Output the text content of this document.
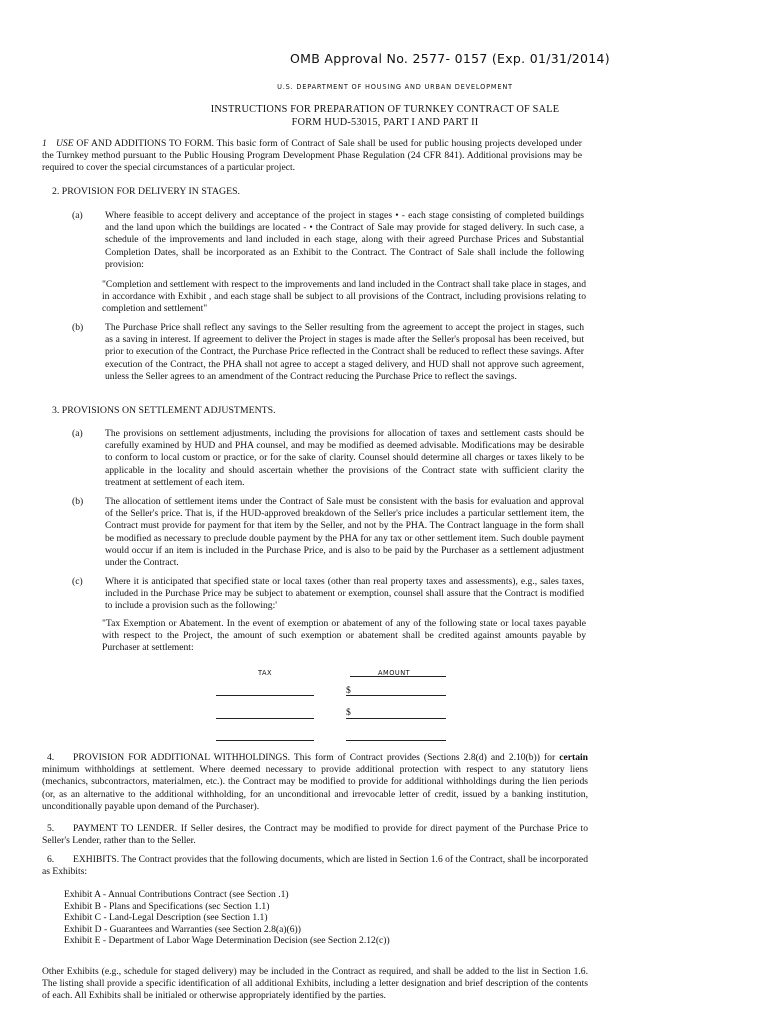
OMB Approval No. 2577- 0157 (Exp. 01/31/2014)
U.S. DEPARTMENT OF HOUSING AND URBAN DEVELOPMENT
INSTRUCTIONS FOR PREPARATION OF TURNKEY CONTRACT OF SALE
FORM HUD-53015, PART I AND PART II
1 USE OF AND ADDITIONS TO FORM. This basic form of Contract of Sale shall be used for public housing projects developed under the Turnkey method pursuant to the Public Housing Program Development Phase Regulation (24 CFR 841). Additional provisions may be required to cover the special circumstances of a particular project.
2. PROVISION FOR DELIVERY IN STAGES.
(a)	Where feasible to accept delivery and acceptance of the project in stages • - each stage consisting of completed buildings and the land upon which the buildings are located - • the Contract of Sale may provide for staged delivery. In such case, a schedule of the improvements and land included in each stage, along with their agreed Purchase Prices and Substantial Completion Dates, shall be incorporated as an Exhibit to the Contract. The Contract of Sale shall include the following provision:
"Completion and settlement with respect to the improvements and land included in the Contract shall take place in stages, and in accordance with Exhibit , and each stage shall be subject to all provisions of the Contract, including provisions relating to completion and settlement"
(b)	The Purchase Price shall reflect any savings to the Seller resulting from the agreement to accept the project in stages, such as a saving in interest. If agreement to deliver the Project in stages is made after the Seller's proposal has been received, but prior to execution of the Contract, the Purchase Price reflected in the Contract shall be reduced to reflect these savings. After execution of the Contract, the PHA shall not agree to accept a staged delivery, and HUD shall not approve such agreement, unless the Seller agrees to an amendment of the Contract reducing the Purchase Price to reflect the savings.
3. PROVISIONS ON SETTLEMENT ADJUSTMENTS.
(a)	The provisions on settlement adjustments, including the provisions for allocation of taxes and settlement casts should be carefully examined by HUD and PHA counsel, and may be modified as deemed advisable. Modifications may be desirable to conform to local custom or practice, or for the sake of clarity. Counsel should determine all charges or taxes likely to be applicable in the locality and should ascertain whether the provisions of the Contract state with sufficient clarity the treatment at settlement of each item.
(b)	The allocation of settlement items under the Contract of Sale must be consistent with the basis for evaluation and approval of the Seller's price. That is, if the HUD-approved breakdown of the Seller's price includes a particular settlement item, the Contract must provide for payment for that item by the Seller, and not by the PHA. The Contract language in the form shall be modified as necessary to preclude double payment by the PHA for any tax or other settlement item. Such double payment would occur if an item is included in the Purchase Price, and is also to be paid by the Purchaser as a settlement adjustment under the Contract.
(c)	Where it is anticipated that specified state or local taxes (other than real property taxes and assessments), e.g., sales taxes, included in the Purchase Price may be subject to abatement or exemption, counsel shall assure that the Contract is modified to include a provision such as the following:'
"Tax Exemption or Abatement. In the event of exemption or abatement of any of the following state or local taxes payable with respect to the Project, the amount of such exemption or abatement shall be credited against amounts payable by Purchaser at settlement:
TAX	AMOUNT
$
$
4. PROVISION FOR ADDITIONAL WITHHOLDINGS. This form of Contract provides (Sections 2.8(d) and 2.10(b)) for certain minimum withholdings at settlement. Where deemed necessary to provide additional protection with respect to any statutory liens (mechanics, subcontractors, materialmen, etc.). the Contract may be modified to provide for additional withholdings during the lien periods (or, as an alternative to the additional withholding, for an unconditional and irrevocable letter of credit, issued by a banking institution, unconditionally payable upon demand of the Purchaser).
5. PAYMENT TO LENDER. If Seller desires, the Contract may be modified to provide for direct payment of the Purchase Price to Seller's Lender, rather than to the Seller.
6. EXHIBITS. The Contract provides that the following documents, which are listed in Section 1.6 of the Contract, shall be incorporated as Exhibits:
Exhibit A - Annual Contributions Contract (see Section .1)
Exhibit B - Plans and Specifications (sec Section 1.1)
Exhibit C - Land-Legal Description (see Section 1.1)
Exhibit D - Guarantees and Warranties (see Section 2.8(a)(6))
Exhibit E - Department of Labor Wage Determination Decision (see Section 2.12(c))
Other Exhibits (e.g., schedule for staged delivery) may be included in the Contract as required, and shall be added to the list in Section 1.6. The listing shall provide a specific identification of all additional Exhibits, including a letter designation and brief description of the contents of each. All Exhibits shall be initialed or otherwise appropriately identified by the parties.
